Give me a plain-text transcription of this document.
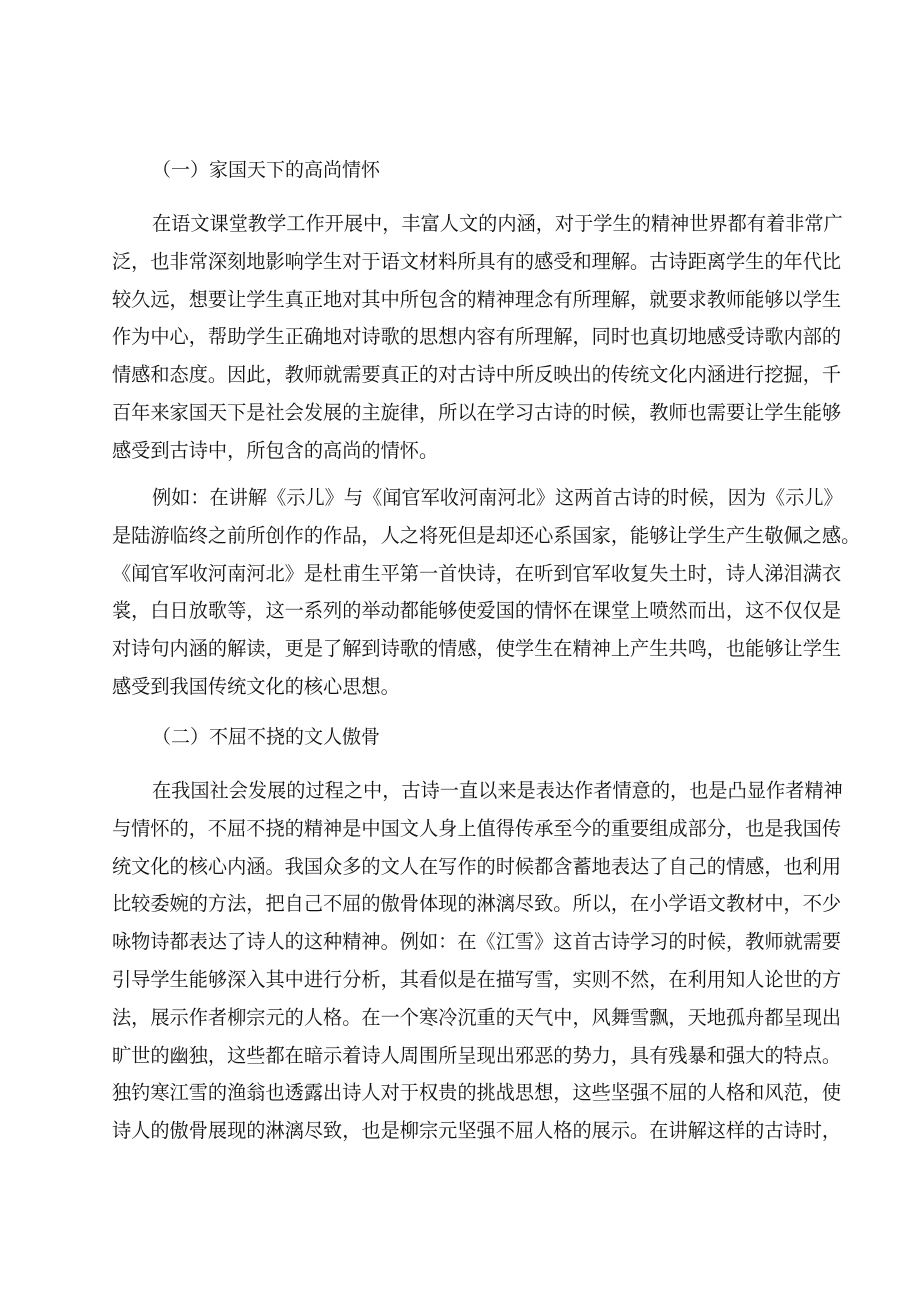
（一）家国天下的高尚情怀
在语文课堂教学工作开展中，丰富人文的内涵，对于学生的精神世界都有着非常广
泛，也非常深刻地影响学生对于语文材料所具有的感受和理解。古诗距离学生的年代比
较久远，想要让学生真正地对其中所包含的精神理念有所理解，就要求教师能够以学生
作为中心，帮助学生正确地对诗歌的思想内容有所理解，同时也真切地感受诗歌内部的
情感和态度。因此，教师就需要真正的对古诗中所反映出的传统文化内涵进行挖掘，千
百年来家国天下是社会发展的主旋律，所以在学习古诗的时候，教师也需要让学生能够
感受到古诗中，所包含的高尚的情怀。
例如：在讲解《示儿》与《闻官军收河南河北》这两首古诗的时候，因为《示儿》
是陆游临终之前所创作的作品，人之将死但是却还心系国家，能够让学生产生敬佩之感。
《闻官军收河南河北》是杜甫生平第一首快诗，在听到官军收复失土时，诗人涕泪满衣
裳，白日放歌等，这一系列的举动都能够使爱国的情怀在课堂上喷然而出，这不仅仅是
对诗句内涵的解读，更是了解到诗歌的情感，使学生在精神上产生共鸣，也能够让学生
感受到我国传统文化的核心思想。
（二）不屈不挠的文人傲骨
在我国社会发展的过程之中，古诗一直以来是表达作者情意的，也是凸显作者精神
与情怀的，不屈不挠的精神是中国文人身上值得传承至今的重要组成部分，也是我国传
统文化的核心内涵。我国众多的文人在写作的时候都含蓄地表达了自己的情感，也利用
比较委婉的方法，把自己不屈的傲骨体现的淋漓尽致。所以，在小学语文教材中，不少
咏物诗都表达了诗人的这种精神。例如：在《江雪》这首古诗学习的时候，教师就需要
引导学生能够深入其中进行分析，其看似是在描写雪，实则不然，在利用知人论世的方
法，展示作者柳宗元的人格。在一个寒冷沉重的天气中，风舞雪飘，天地孤舟都呈现出
旷世的幽独，这些都在暗示着诗人周围所呈现出邪恶的势力，具有残暴和强大的特点。
独钓寒江雪的渔翁也透露出诗人对于权贵的挑战思想，这些坚强不屈的人格和风范，使
诗人的傲骨展现的淋漓尽致，也是柳宗元坚强不屈人格的展示。在讲解这样的古诗时，
